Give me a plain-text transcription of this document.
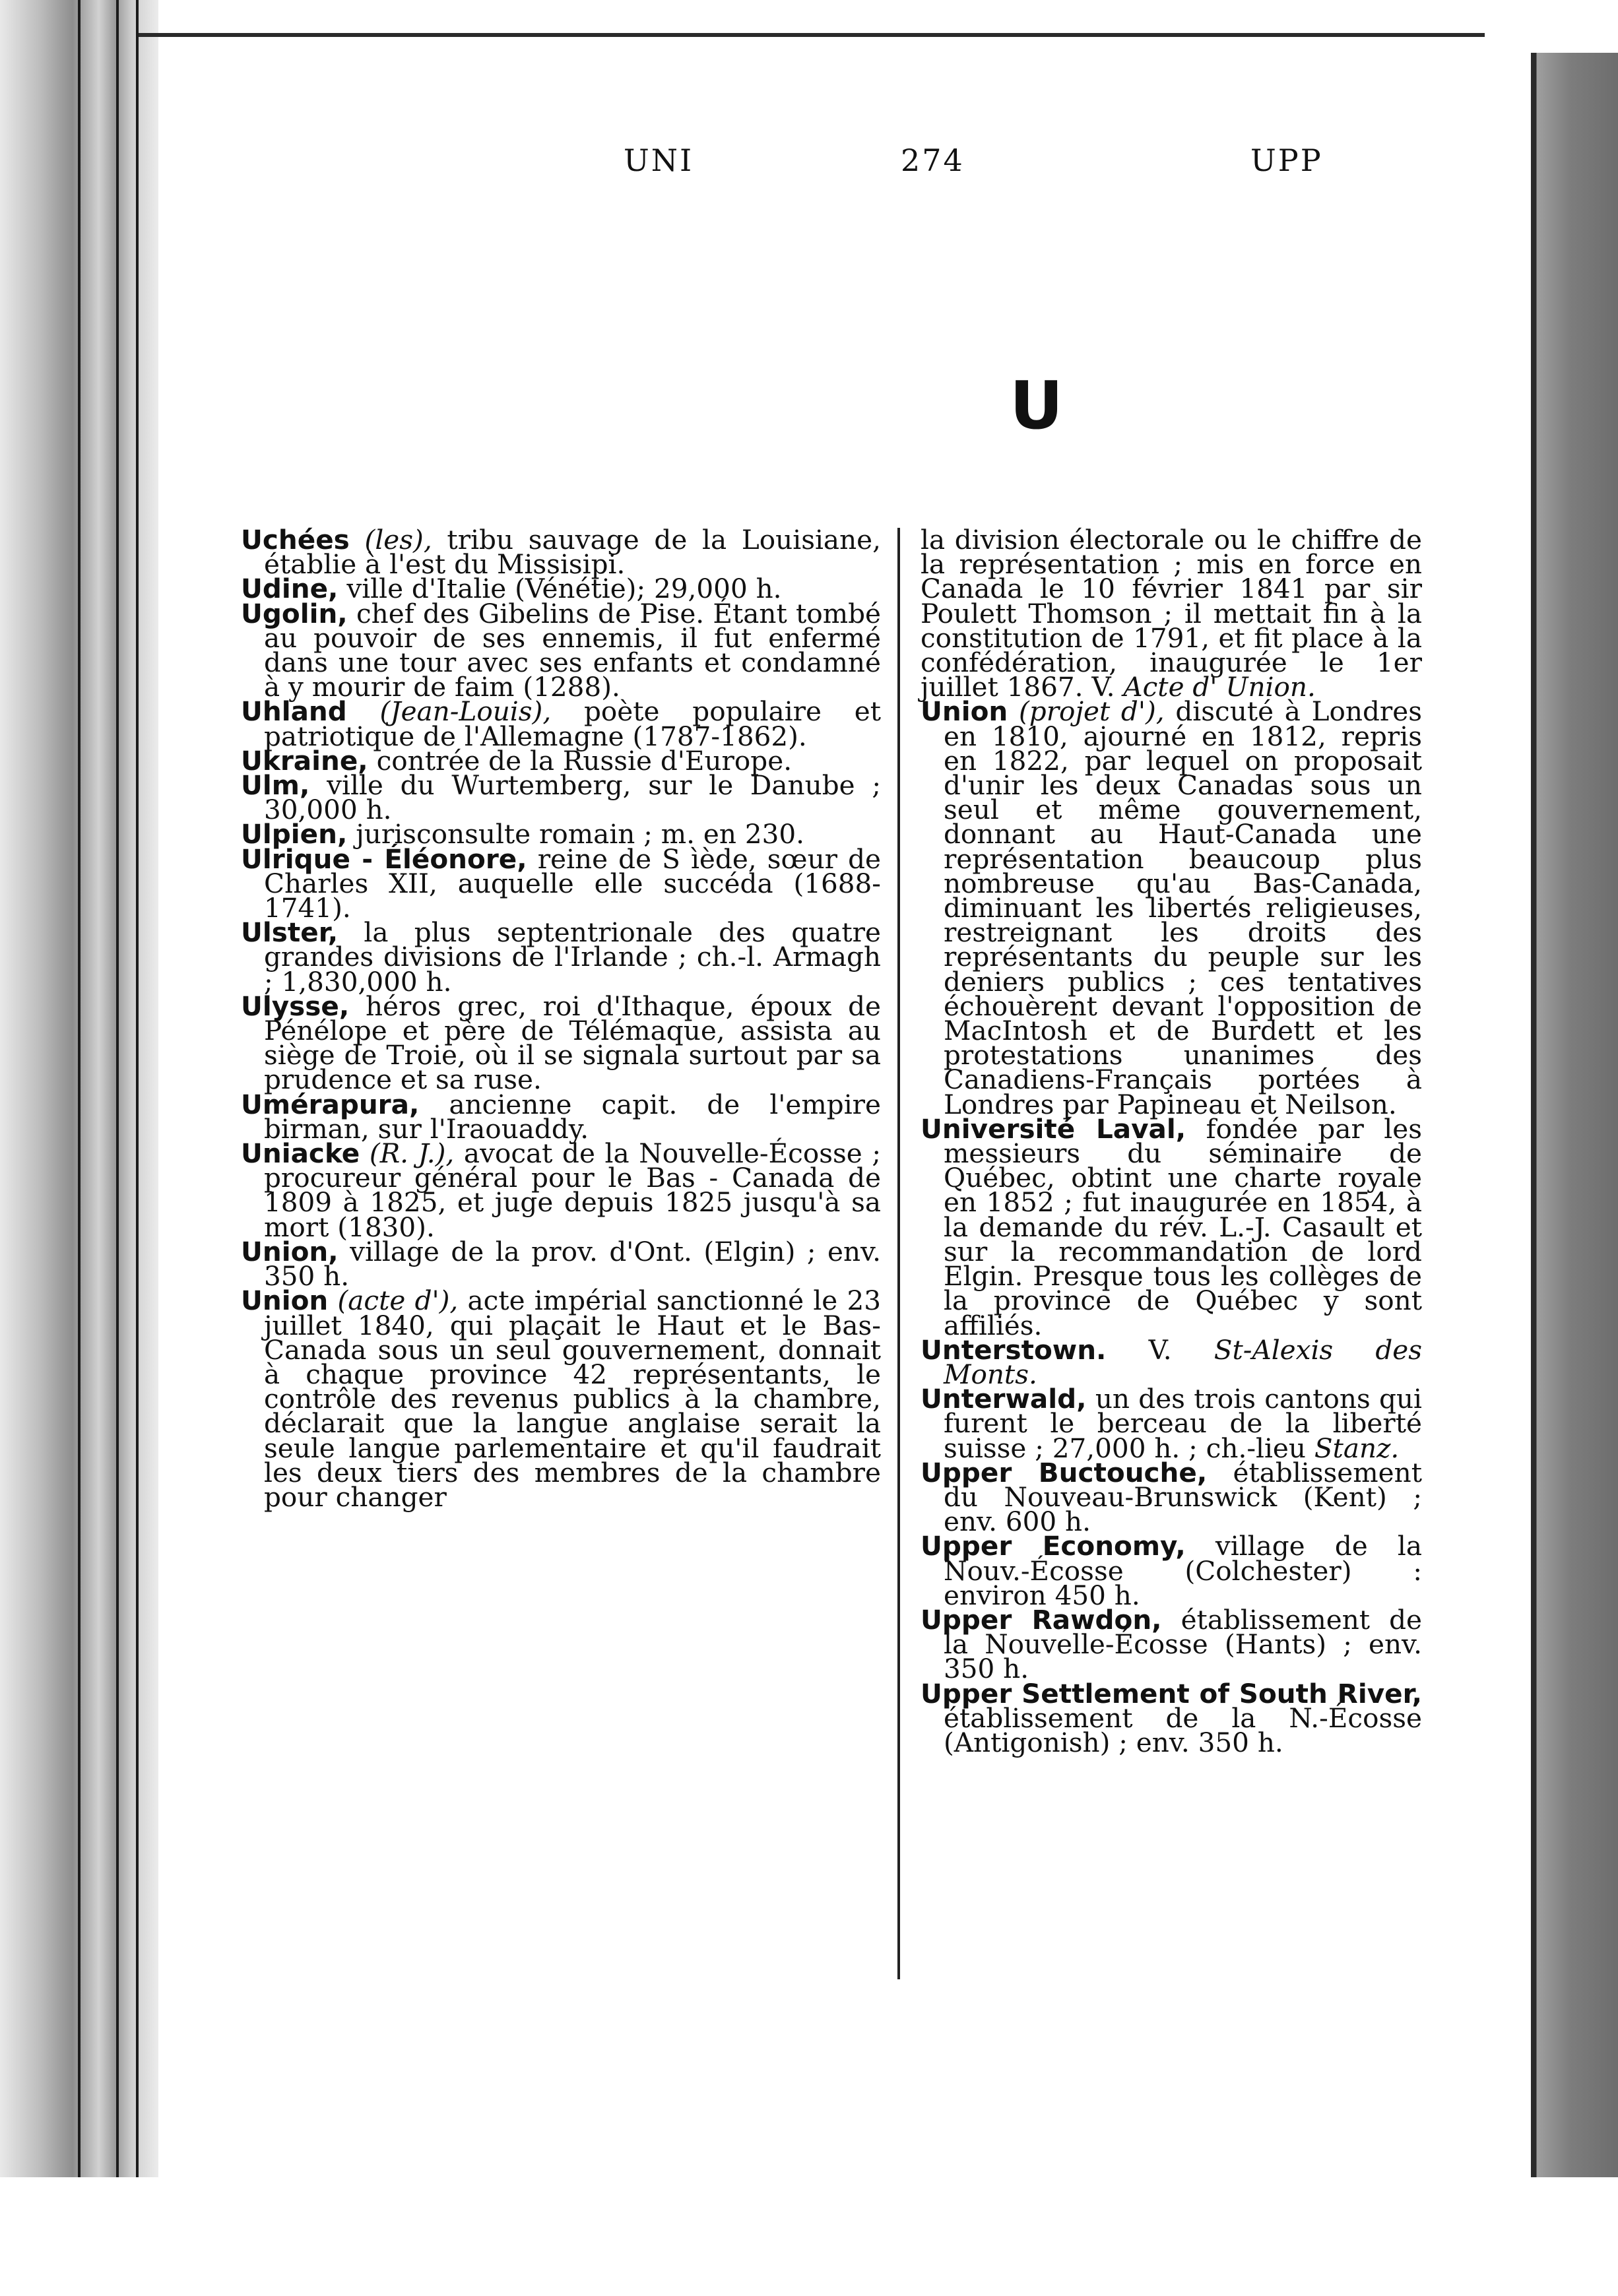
UNI	274	UPP
U

Uchées (les), tribu sauvage de la Louisiane, établie à l'est du Missisipi.

Udine, ville d'Italie (Vénétie); 29,000 h.

Ugolin, chef des Gibelins de Pise. Étant tombé au pouvoir de ses ennemis, il fut enfermé dans une tour avec ses enfants et condamné à y mourir de faim (1288).

Uhland (Jean-Louis), poète populaire et patriotique de l'Allemagne (1787-1862).

Ukraine, contrée de la Russie d'Europe.

Ulm, ville du Wurtemberg, sur le Danube ; 30,000 h.

Ulpien, jurisconsulte romain ; m. en 230.

Ulrique - Éléonore, reine de S ìède, sœur de Charles XII, auquelle elle succéda (1688-1741).

Ulster, la plus septentrionale des quatre grandes divisions de l'Irlande ; ch.-l. Armagh ; 1,830,000 h.

Ulysse, héros grec, roi d'Ithaque, époux de Pénélope et père de Télémaque, assista au siège de Troie, où il se signala surtout par sa prudence et sa ruse.

Umérapura, ancienne capit. de l'empire birman, sur l'Iraouaddy.

Uniacke (R. J.), avocat de la Nouvelle-Écosse ; procureur général pour le Bas - Canada de 1809 à 1825, et juge depuis 1825 jusqu'à sa mort (1830).

Union, village de la prov. d'Ont. (Elgin) ; env. 350 h.

Union (acte d'), acte impérial sanctionné le 23 juillet 1840, qui plaçait le Haut et le Bas-Canada sous un seul gouvernement, donnait à chaque province 42 représentants, le contrôle des revenus publics à la chambre, déclarait que la langue anglaise serait la seule langue parlementaire et qu'il faudrait les deux tiers des membres de la chambre pour changer

la division électorale ou le chiffre de la représentation ; mis en force en Canada le 10 février 1841 par sir Poulett Thomson ; il mettait fin à la constitution de 1791, et fit place à la confédération, inaugurée le 1er juillet 1867. V. Acte d' Union.

Union (projet d'), discuté à Londres en 1810, ajourné en 1812, repris en 1822, par lequel on proposait d'unir les deux Canadas sous un seul et même gouvernement, donnant au Haut-Canada une représentation beaucoup plus nombreuse qu'au Bas-Canada, diminuant les libertés religieuses, restreignant les droits des représentants du peuple sur les deniers publics ; ces tentatives échouèrent devant l'opposition de MacIntosh et de Burdett et les protestations unanimes des Canadiens-Français portées à Londres par Papineau et Neilson.

Université Laval, fondée par les messieurs du séminaire de Québec, obtint une charte royale en 1852 ; fut inaugurée en 1854, à la demande du rév. L.-J. Casault et sur la recommandation de lord Elgin. Presque tous les collèges de la province de Québec y sont affiliés.

Unterstown. V. St-Alexis des Monts.

Unterwald, un des trois cantons qui furent le berceau de la liberté suisse ; 27,000 h. ; ch.-lieu Stanz.

Upper Buctouche, établissement du Nouveau-Brunswick (Kent) ; env. 600 h.

Upper Economy, village de la Nouv.-Écosse (Colchester) : environ 450 h.

Upper Rawdon, établissement de la Nouvelle-Écosse (Hants) ; env. 350 h.

Upper Settlement of South River, établissement de la N.-Écosse (Antigonish) ; env. 350 h.
